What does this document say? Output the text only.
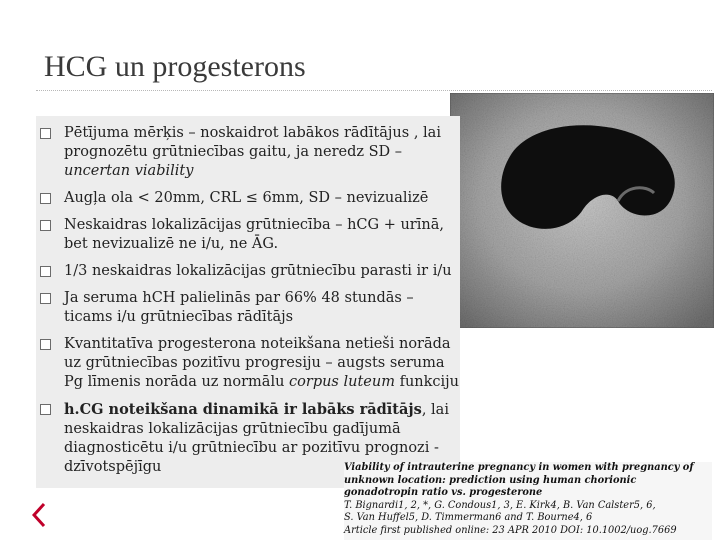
HCG un progesterons
Pētījuma mērķis – noskaidrot labākos rādītājus , lai prognozētu grūtniecības gaitu, ja neredz SD – uncertan viability
Augļa ola < 20mm, CRL ≤ 6mm, SD – nevizualizē
Neskaidras lokalizācijas grūtniecība – hCG + urīnā, bet nevizualizē ne i/u, ne ĀG.
1/3 neskaidras lokalizācijas grūtniecību parasti ir i/u
Ja seruma hCH palielinās par 66% 48 stundās – ticams i/u grūtniecības rādītājs
Kvantitatīva progesterona noteikšana netieši norāda uz grūtniecības pozitīvu progresiju – augsts seruma Pg līmenis norāda uz normālu corpus luteum funkciju
h.CG noteikšana dinamikā ir labāks rādītājs, lai neskaidras lokalizācijas grūtniecību gadījumā diagnosticētu i/u grūtniecību ar pozitīvu prognozi - dzīvotspējīgu	Viability of intrauterine pregnancy in women with pregnancy of unknown location: prediction using human chorionic gonadotropin ratio vs. progesterone
T. Bignardi1, 2, *, G. Condous1, 3, E. Kirk4, B. Van Calster5, 6,
S. Van Huffel5, D. Timmerman6 and T. Bourne4, 6
Article first published online: 23 APR 2010 DOI: 10.1002/uog.7669
